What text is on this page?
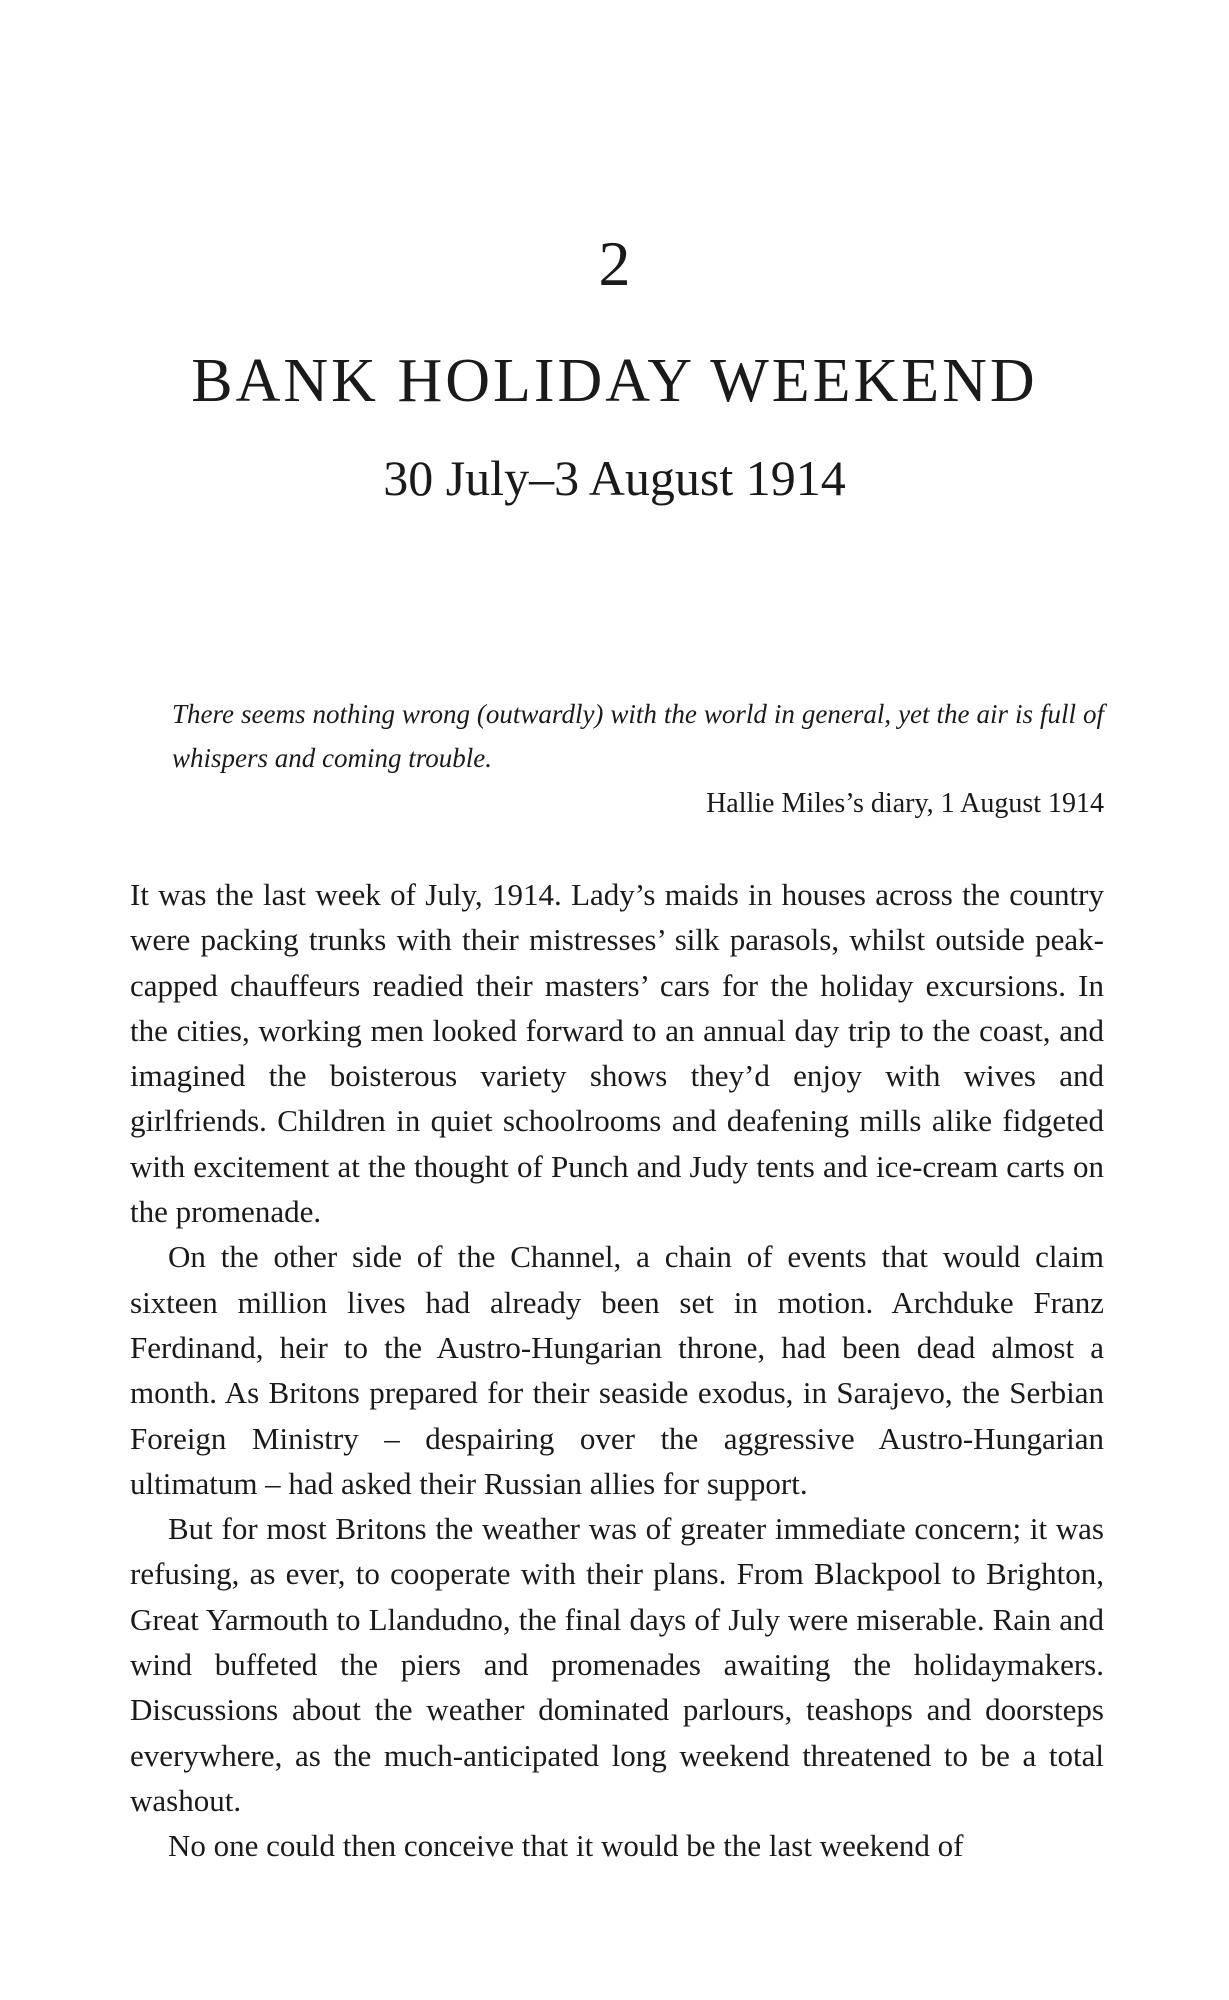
2
BANK HOLIDAY WEEKEND
30 July–3 August 1914

There seems nothing wrong (outwardly) with the world in general, yet the air is full of whispers and coming trouble.

Hallie Miles’s diary, 1 August 1914

It was the last week of July, 1914. Lady’s maids in houses across the country were packing trunks with their mistresses’ silk parasols, whilst outside peak-capped chauffeurs readied their masters’ cars for the holiday excursions. In the cities, working men looked forward to an annual day trip to the coast, and imagined the boisterous variety shows they’d enjoy with wives and girlfriends. Children in quiet schoolrooms and deafening mills alike fidgeted with excitement at the thought of Punch and Judy tents and ice-cream carts on the promenade.

On the other side of the Channel, a chain of events that would claim sixteen million lives had already been set in motion. Archduke Franz Ferdinand, heir to the Austro-Hungarian throne, had been dead almost a month. As Britons prepared for their seaside exodus, in Sarajevo, the Serbian Foreign Ministry – despairing over the aggressive Austro-Hungarian ultimatum – had asked their Russian allies for support.

But for most Britons the weather was of greater immediate concern; it was refusing, as ever, to cooperate with their plans. From Blackpool to Brighton, Great Yarmouth to Llandudno, the final days of July were miserable. Rain and wind buffeted the piers and promenades awaiting the holidaymakers. Discussions about the weather dominated parlours, teashops and doorsteps everywhere, as the much-anticipated long weekend threatened to be a total washout.

No one could then conceive that it would be the last weekend of
